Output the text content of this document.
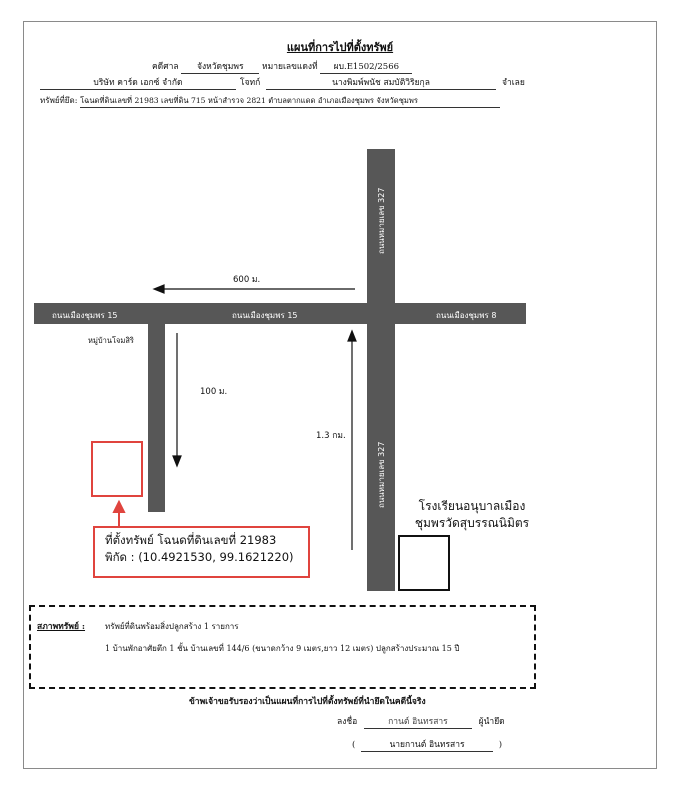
แผนที่การไปที่ตั้งทรัพย์
คดีศาล จังหวัดชุมพร หมายเลขแดงที่ ผบ.E1502/2566
บริษัท คาร์ด เอกซ์ จำกัด	โจทก์	นางพิมพ์พนัช สมบัติวิริยกุล	จำเลย
ทรัพย์ที่ยึด: โฉนดที่ดินเลขที่ 21983 เลขที่ดิน 715 หน้าสำรวจ 2821 ตำบลตากแดด อำเภอเมืองชุมพร จังหวัดชุมพร
ถนนเมืองชุมพร 15	ถนนเมืองชุมพร 15	ถนนเมืองชุมพร 8
ถนนหมายเลข 327
ถนนหมายเลข 327
600 ม.
100 ม.
1.3 กม.
หมู่บ้านโจมสิริ
ที่ตั้งทรัพย์ โฉนดที่ดินเลขที่ 21983
พิกัด : (10.4921530, 99.1621220)
โรงเรียนอนุบาลเมือง
ชุมพรวัดสุบรรณนิมิตร
สภาพทรัพย์ : ทรัพย์ที่ดินพร้อมสิ่งปลูกสร้าง 1 รายการ
1 บ้านพักอาศัยตึก 1 ชั้น บ้านเลขที่ 144/6 (ขนาดกว้าง 9 เมตร,ยาว 12 เมตร) ปลูกสร้างประมาณ 15 ปี
ข้าพเจ้าขอรับรองว่าเป็นแผนที่การไปที่ตั้งทรัพย์ที่นำยึดในคดีนี้จริง
ลงชื่อ	กานต์ อินทรสาร	ผู้นำยึด
(	นายกานต์ อินทรสาร	)
